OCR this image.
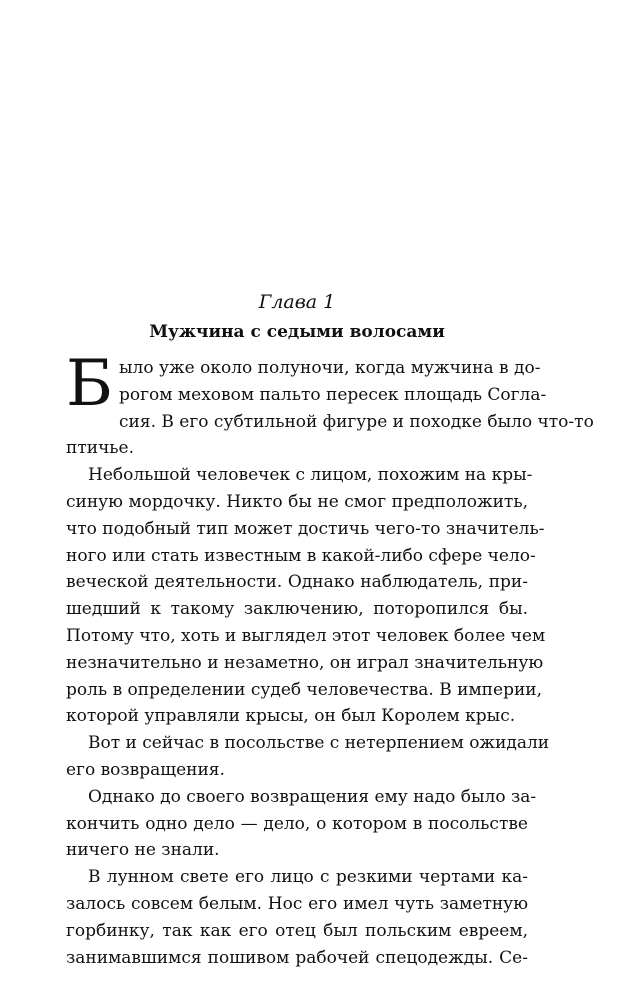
Глава 1
Мужчина с седыми волосами
Б ыло уже около полуночи, когда мужчина в до-
рогом меховом пальто пересек площадь Согла-
сия. В его субтильной фигуре и походке было что-то
птичье.
Небольшой человечек с лицом, похожим на кры-
синую мордочку. Никто бы не смог предположить,
что подобный тип может достичь чего-то значитель-
ного или стать известным в какой-либо сфере чело-
веческой деятельности. Однако наблюдатель, при-
шедший к такому заключению, поторопился бы.
Потому что, хоть и выглядел этот человек более чем
незначительно и незаметно, он играл значительную
роль в определении судеб человечества. В империи,
которой управляли крысы, он был Королем крыс.
Вот и сейчас в посольстве с нетерпением ожидали
его возвращения.
Однако до своего возвращения ему надо было за-
кончить одно дело — дело, о котором в посольстве
ничего не знали.
В лунном свете его лицо с резкими чертами ка-
залось совсем белым. Нос его имел чуть заметную
горбинку, так как его отец был польским евреем,
занимавшимся пошивом рабочей спецодежды. Се-
